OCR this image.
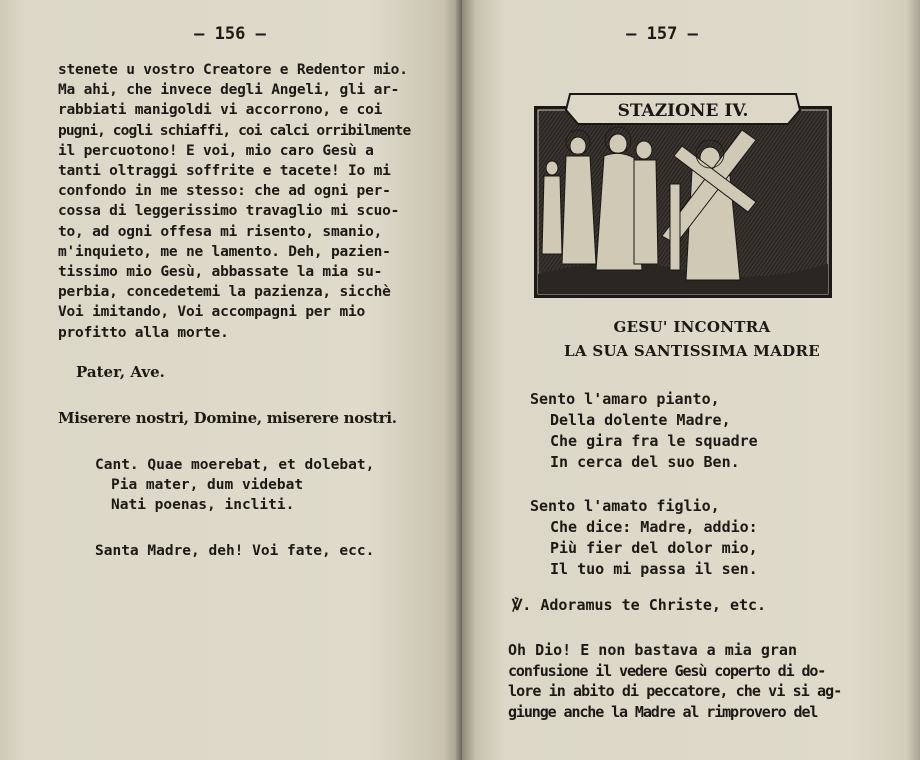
— 156 —
stenete u vostro Creatore e Redentor mio.
Ma ahi, che invece degli Angeli, gli ar-
rabbiati manigoldi vi accorrono, e coi
pugni, cogli schiaffi, coi calci orribilmente
il percuotono! E voi, mio caro Gesù a
tanti oltraggi soffrite e tacete! Io mi
confondo in me stesso: che ad ogni per-
cossa di leggerissimo travaglio mi scuo-
to, ad ogni offesa mi risento, smanio,
m'inquieto, me ne lamento. Deh, pazien-
tissimo mio Gesù, abbassate la mia su-
perbia, concedetemi la pazienza, sicchè
Voi imitando, Voi accompagni per mio
profitto alla morte.
Pater, Ave.
Miserere nostri, Domine, miserere nostri.
Cant. Quae moerebat, et dolebat,
Pia mater, dum videbat
Nati poenas, incliti.
Santa Madre, deh! Voi fate, ecc.
— 157 —
STAZIONE IV.
GESU' INCONTRA
LA SUA SANTISSIMA MADRE
Sento l'amaro pianto,
Della dolente Madre,
Che gira fra le squadre
In cerca del suo Ben.
Sento l'amato figlio,
Che dice: Madre, addio:
Più fier del dolor mio,
Il tuo mi passa il sen.
℣. Adoramus te Christe, etc.
Oh Dio! E non bastava a mia gran
confusione il vedere Gesù coperto di do-
lore in abito di peccatore, che vi si ag-
giunge anche la Madre al rimprovero del
